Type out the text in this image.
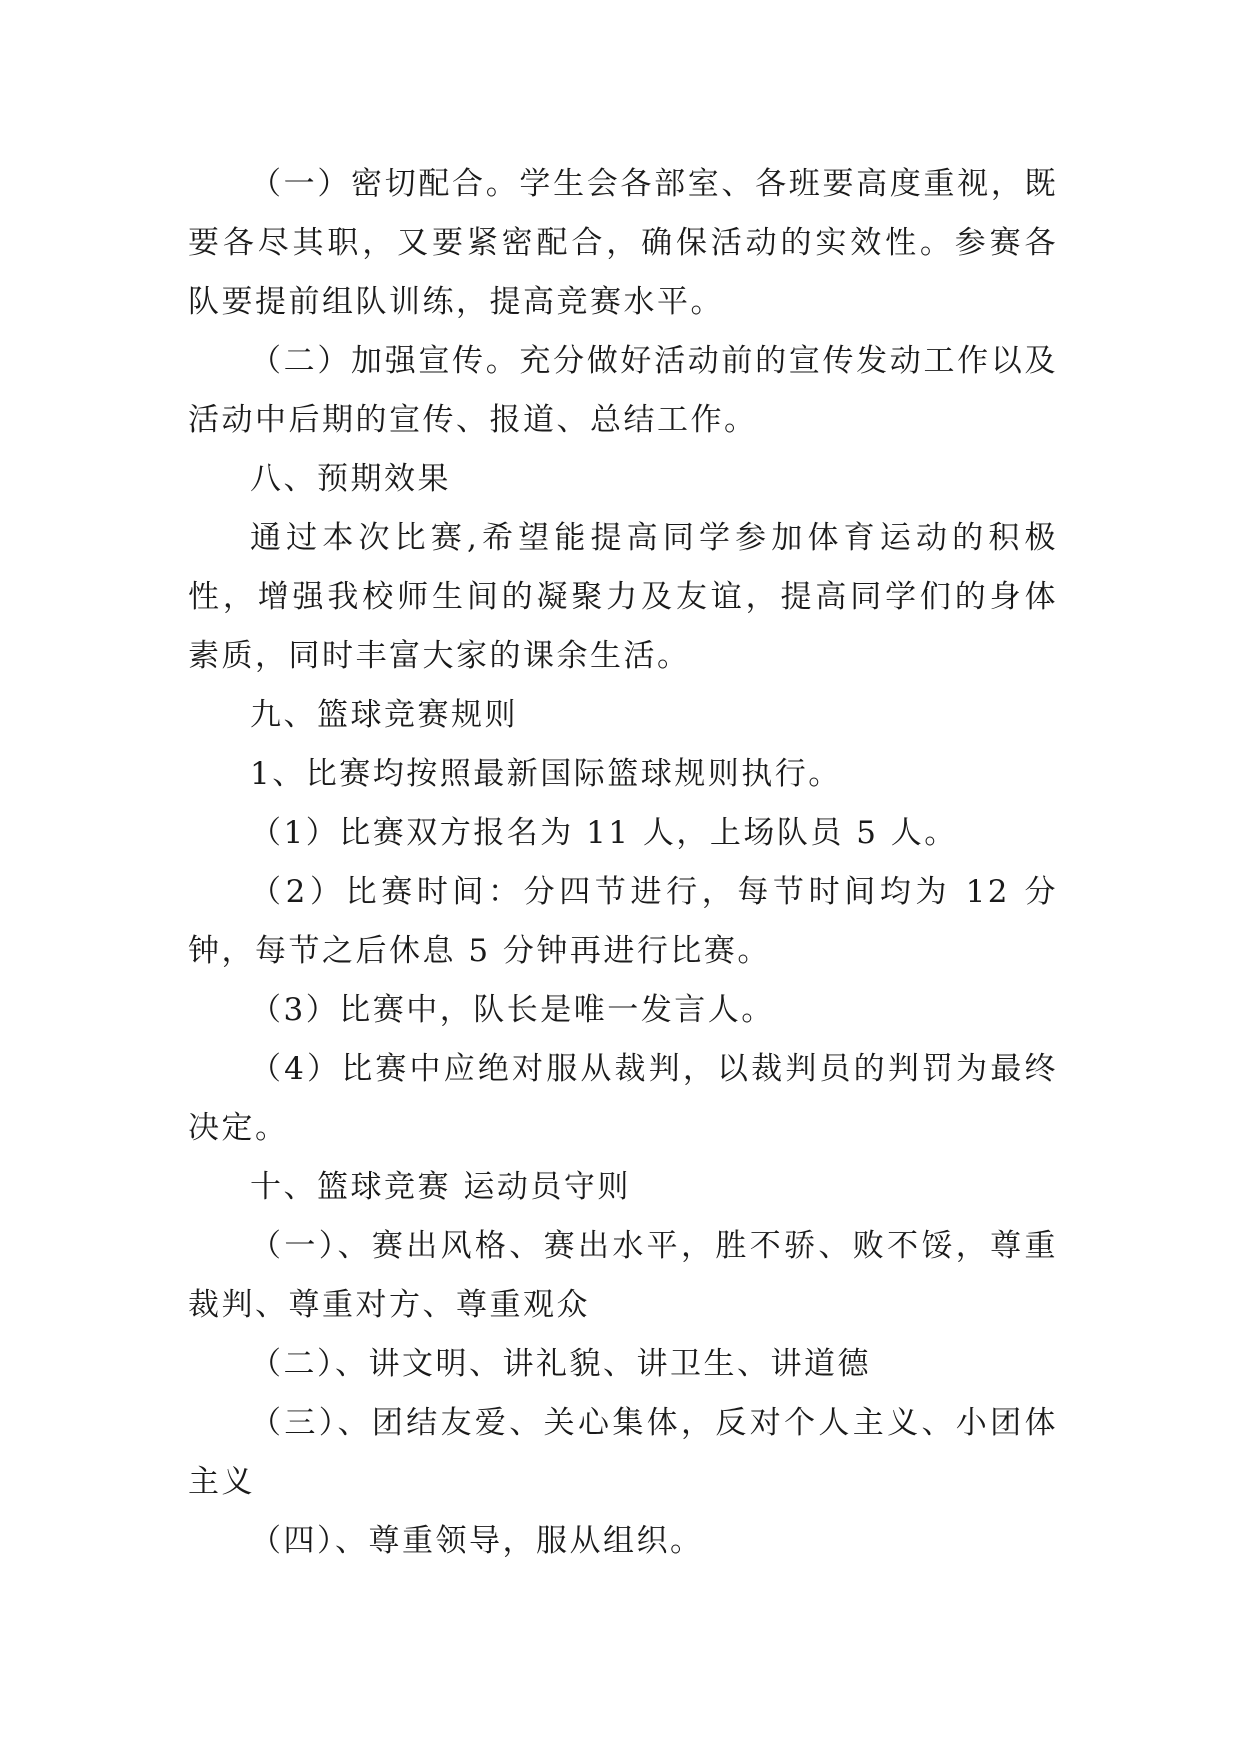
（一）密切配合。学生会各部室、各班要高度重视，既要各尽其职，又要紧密配合，确保活动的实效性。参赛各队要提前组队训练，提高竞赛水平。

（二）加强宣传。充分做好活动前的宣传发动工作以及活动中后期的宣传、报道、总结工作。

八、预期效果

通过本次比赛,希望能提高同学参加体育运动的积极性，增强我校师生间的凝聚力及友谊，提高同学们的身体素质，同时丰富大家的课余生活。

九、篮球竞赛规则

1、比赛均按照最新国际篮球规则执行。

（1）比赛双方报名为 11 人，上场队员 5 人。

（2）比赛时间：分四节进行，每节时间均为 12 分钟，每节之后休息 5 分钟再进行比赛。

（3）比赛中，队长是唯一发言人。

（4）比赛中应绝对服从裁判，以裁判员的判罚为最终决定。

十、篮球竞赛 运动员守则

（一）、赛出风格、赛出水平，胜不骄、败不馁，尊重裁判、尊重对方、尊重观众

（二）、讲文明、讲礼貌、讲卫生、讲道德

（三）、团结友爱、关心集体，反对个人主义、小团体主义

（四）、尊重领导，服从组织。
